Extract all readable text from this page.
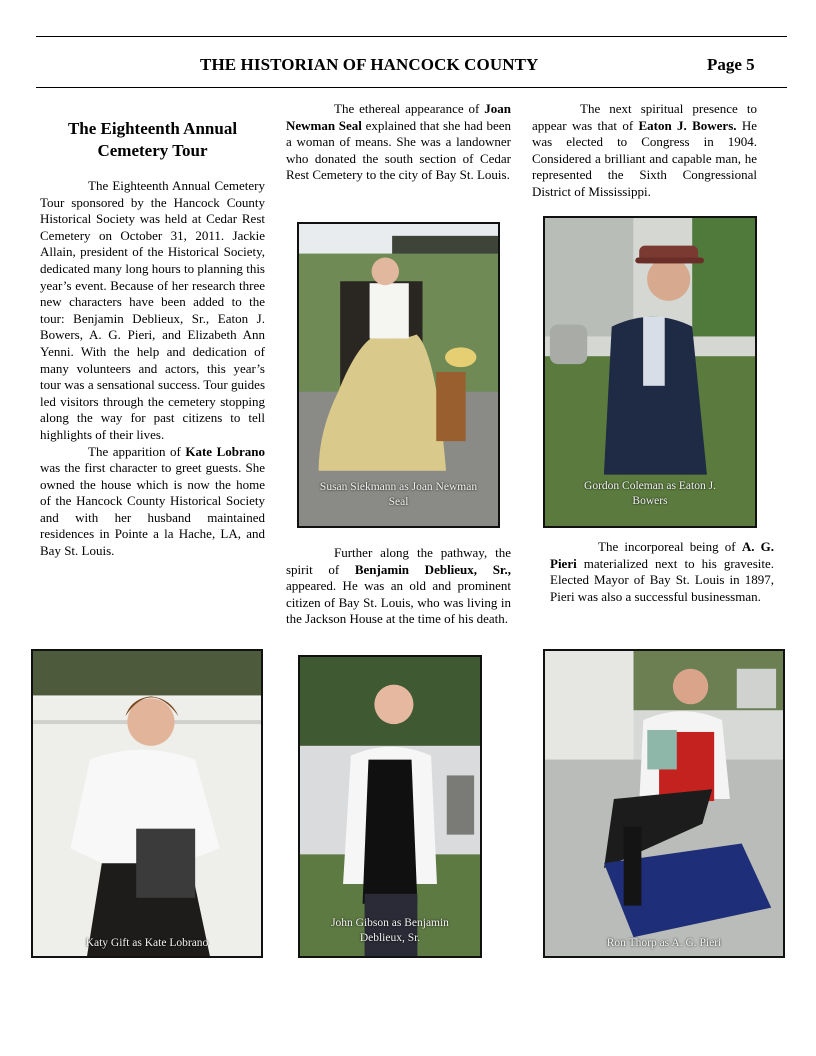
THE HISTORIAN OF HANCOCK COUNTY	Page 5
The Eighteenth Annual
Cemetery Tour

The Eighteenth Annual Cemetery Tour sponsored by the Hancock County Historical Society was held at Cedar Rest Cemetery on October 31, 2011. Jackie Allain, president of the Historical Society, dedicated many long hours to planning this year’s event. Because of her research three new characters have been added to the tour: Benjamin Deblieux, Sr., Eaton J. Bowers, A. G. Pieri, and Elizabeth Ann Yenni. With the help and dedication of many volunteers and actors, this year’s tour was a sensational success. Tour guides led visitors through the cemetery stopping along the way for past citizens to tell highlights of their lives.

The apparition of Kate Lobrano was the first character to greet guests. She owned the house which is now the home of the Hancock County Historical Society and with her husband maintained residences in Pointe a la Hache, LA, and Bay St. Louis.

The ethereal appearance of Joan Newman Seal explained that she had been a woman of means. She was a landowner who donated the south section of Cedar Rest Cemetery to the city of Bay St. Louis.

Further along the pathway, the spirit of Benjamin Deblieux, Sr., appeared. He was an old and prominent citizen of Bay St. Louis, who was living in the Jackson House at the time of his death.

The next spiritual presence to appear was that of Eaton J. Bowers. He was elected to Congress in 1904. Considered a brilliant and capable man, he represented the Sixth Congressional District of Mississippi.

The incorporeal being of A. G. Pieri materialized next to his gravesite. Elected Mayor of Bay St. Louis in 1897, Pieri was also a successful businessman.

Susan Siekmann as Joan Newman Seal
Gordon Coleman as Eaton J. Bowers
Katy Gift as Kate Lobrano
John Gibson as Benjamin Deblieux, Sr.	Ron Thorp as A. G. Pieri
